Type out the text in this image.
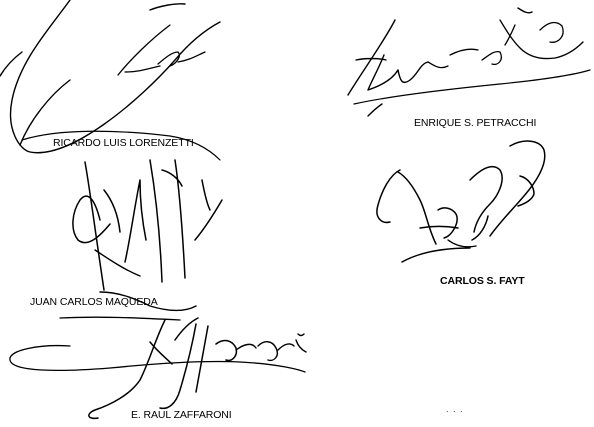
RICARDO LUIS LORENZETTI
ENRIQUE S. PETRACCHI
JUAN CARLOS MAQUEDA
CARLOS S. FAYT
E. RAUL ZAFFARONI	. . .
